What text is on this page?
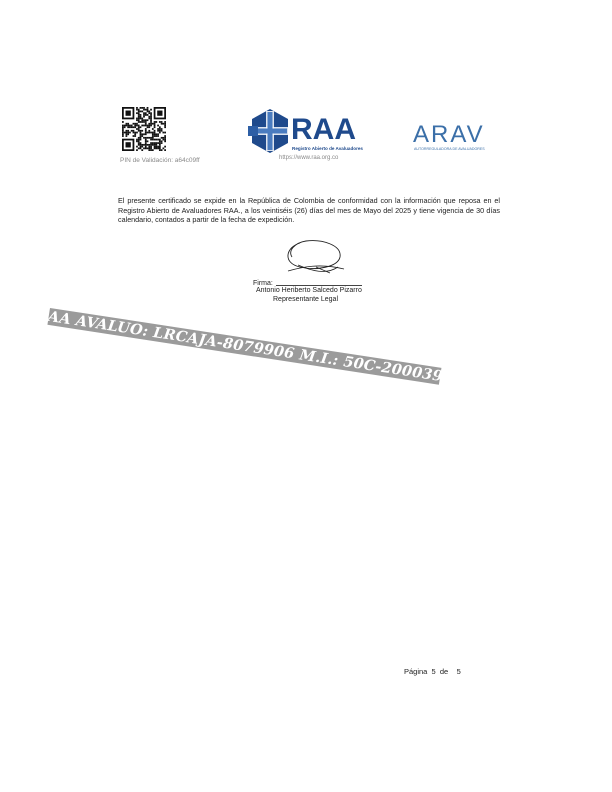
PIN de Validación: a64c09ff
RAA
Registro Abierto de Avaluadores
https://www.raa.org.co
ARAV
AUTORREGULADORA DE AVALUADORES
El presente certificado se expide en la República de Colombia de conformidad con la información que reposa en el Registro Abierto de Avaluadores RAA., a los veintiséis (26) días del mes de Mayo del 2025 y tiene vigencia de 30 días calendario, contados a partir de la fecha de expedición.
Firma:
Antonio Heriberto Salcedo Pizarro
Representante Legal
RAA AVALUO: LRCAJA-8079906 M.I.: 50C-2000391
Página 5 de 5
